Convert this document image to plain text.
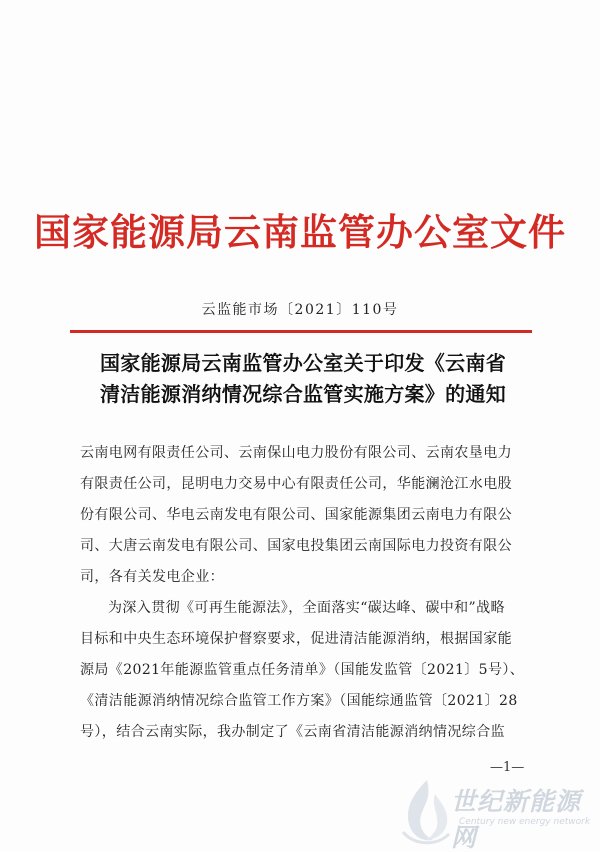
国家能源局云南监管办公室文件
云监能市场〔2021〕110号
国家能源局云南监管办公室关于印发《云南省
清洁能源消纳情况综合监管实施方案》的通知
云南电网有限责任公司、云南保山电力股份有限公司、云南农垦电力
有限责任公司，昆明电力交易中心有限责任公司，华能澜沧江水电股
份有限公司、华电云南发电有限公司、国家能源集团云南电力有限公
司、大唐云南发电有限公司、国家电投集团云南国际电力投资有限公
司，各有关发电企业：
为深入贯彻《可再生能源法》，全面落实“碳达峰、碳中和”战略
目标和中央生态环境保护督察要求，促进清洁能源消纳，根据国家能
源局《2021年能源监管重点任务清单》（国能发监管〔2021〕5号）、
《清洁能源消纳情况综合监管工作方案》（国能综通监管〔2021〕28
号），结合云南实际，我办制定了《云南省清洁能源消纳情况综合监
—1—
世纪新能源网
Century new energy network
